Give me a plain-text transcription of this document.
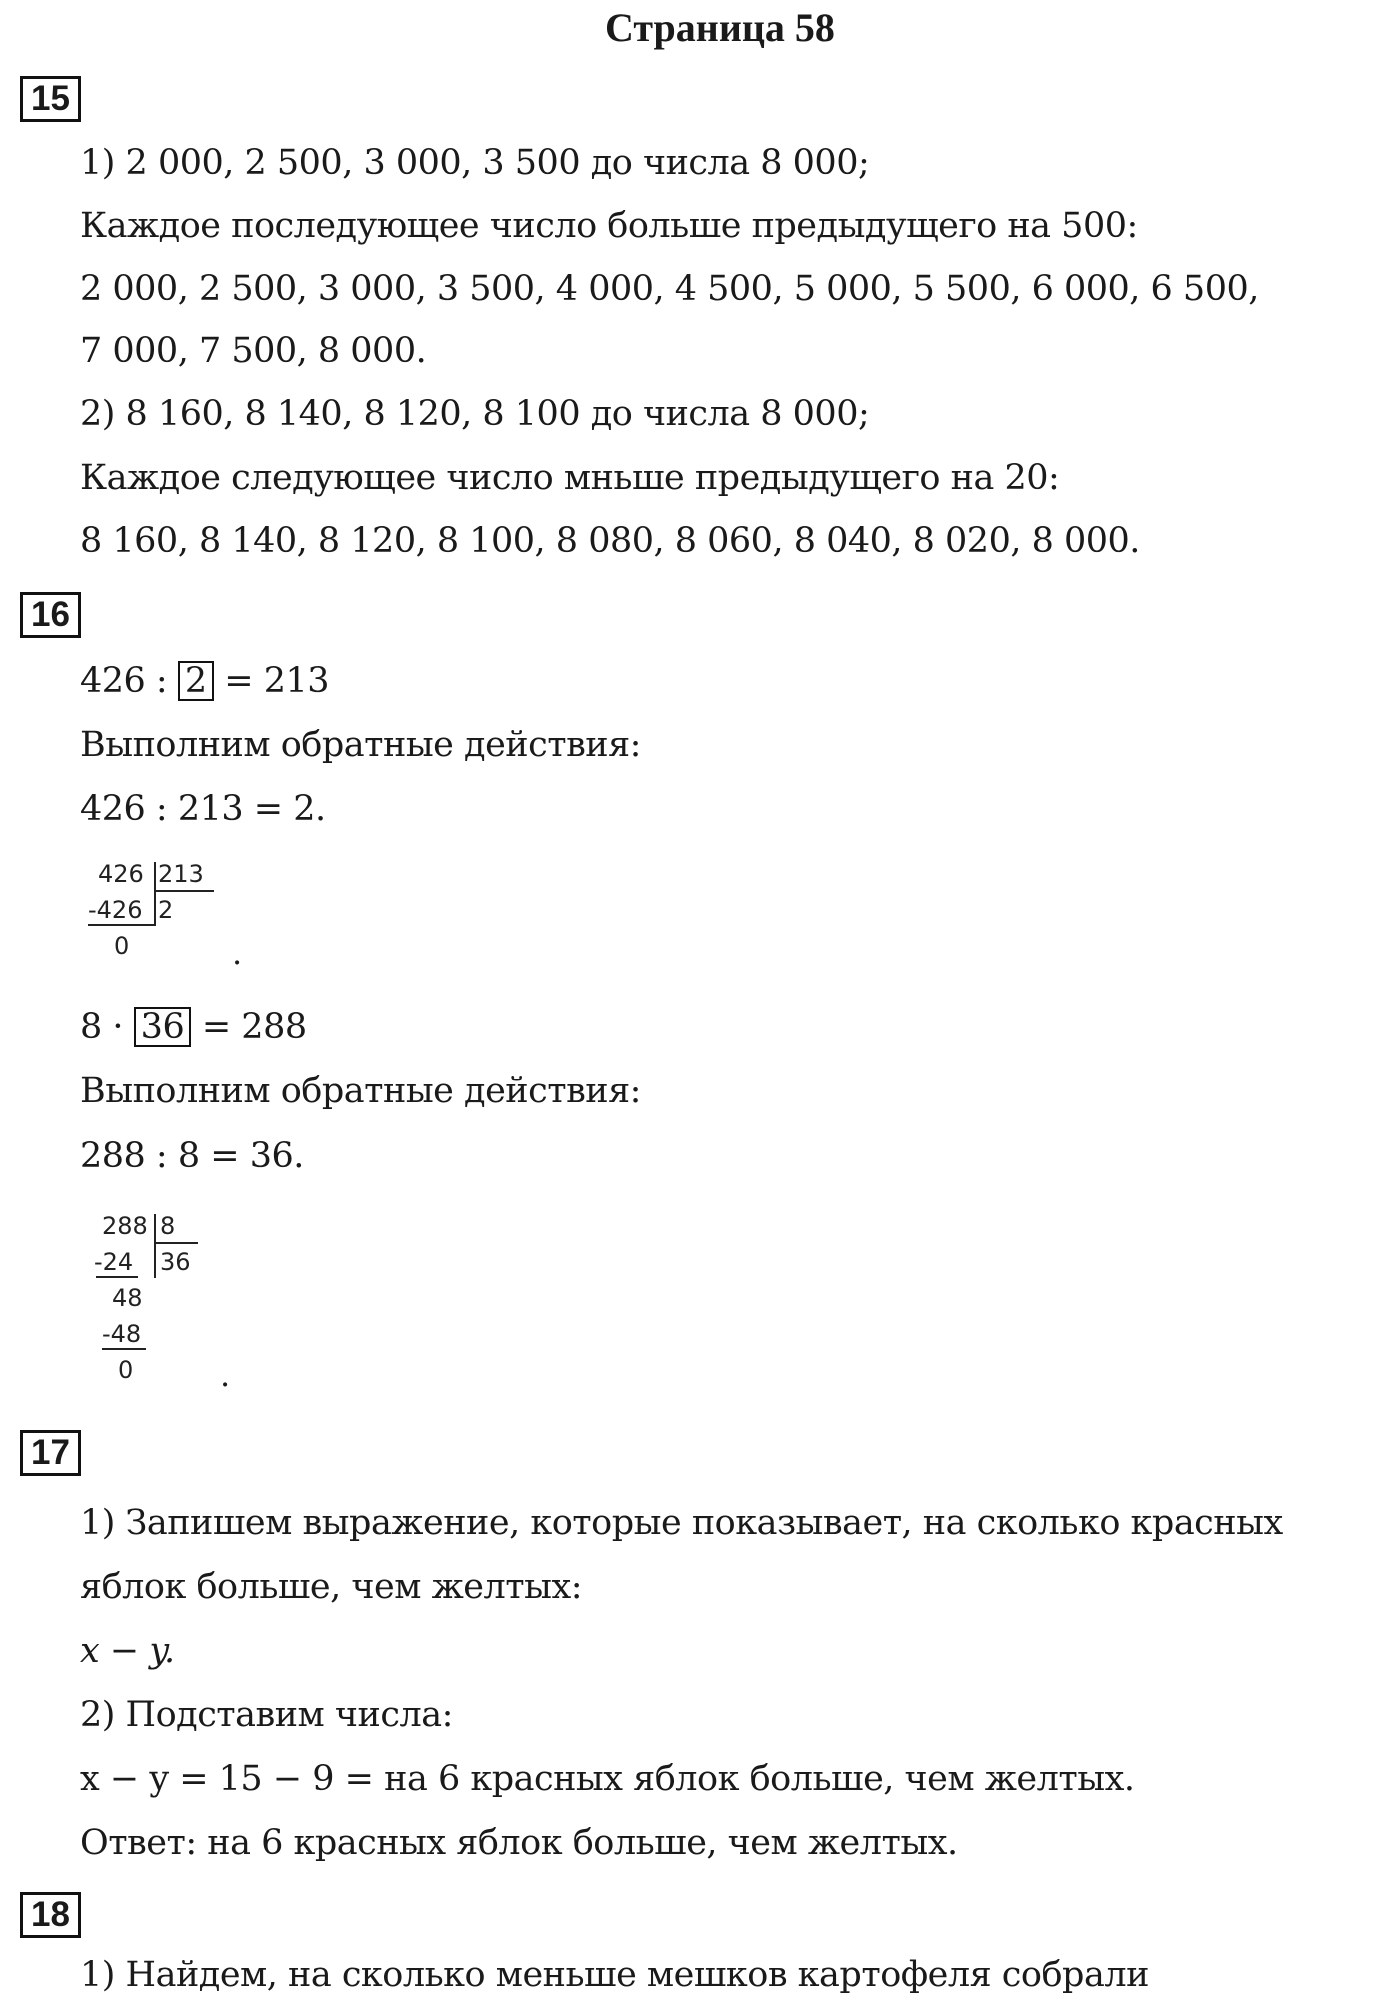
Страница 58
15
1) 2 000, 2 500, 3 000, 3 500 до числа 8 000;
Каждое последующее число больше предыдущего на 500:
2 000, 2 500, 3 000, 3 500, 4 000, 4 500, 5 000, 5 500, 6 000, 6 500,
7 000, 7 500, 8 000.
2) 8 160, 8 140, 8 120, 8 100 до числа 8 000;
Каждое следующее число мньше предыдущего на 20:
8 160, 8 140, 8 120, 8 100, 8 080, 8 060, 8 040, 8 020, 8 000.
16
426 : 2 = 213
Выполним обратные действия:
426 : 213 = 2.
426 213
-426 2
0	.
8 · 36 = 288
Выполним обратные действия:
288 : 8 = 36.
288 8
-24 36
48
-48
0	.
17
1) Запишем выражение, которые показывает, на сколько красных
яблок больше, чем желтых:
x − y.
2) Подставим числа:
x − y = 15 − 9 = на 6 красных яблок больше, чем желтых.
Ответ: на 6 красных яблок больше, чем желтых.
18
1) Найдем, на сколько меньше мешков картофеля собрали
